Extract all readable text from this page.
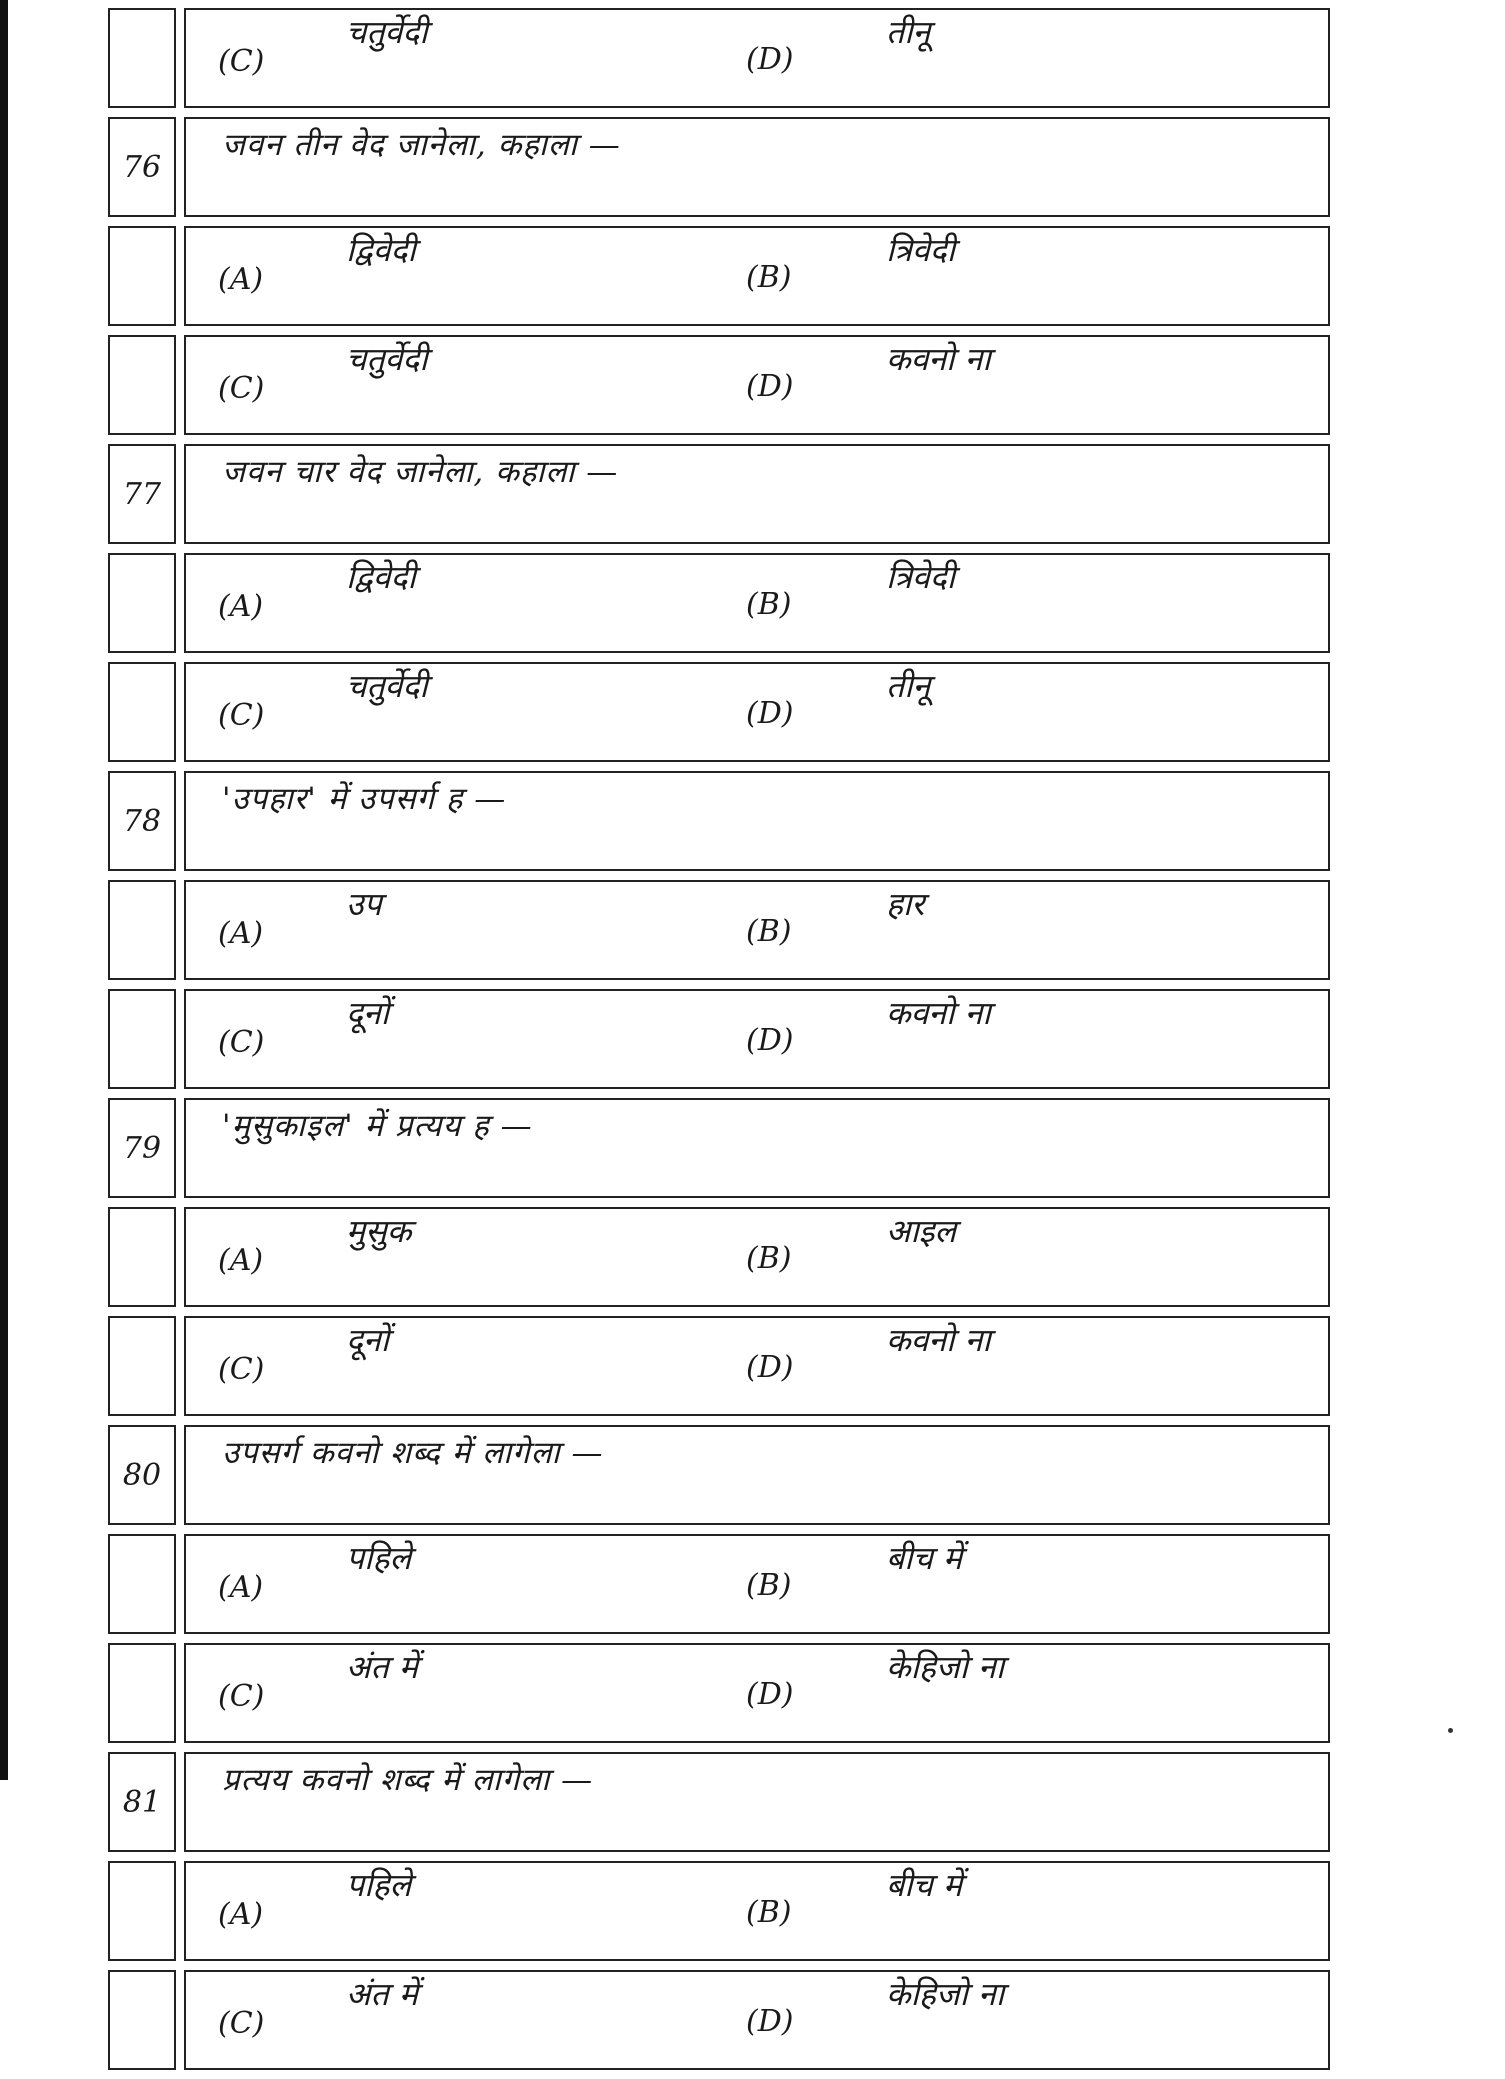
(C)
चतुर्वेदी
(D)
तीनू
76
जवन तीन वेद जानेला, कहाला —
(A)
द्विवेदी
(B)
त्रिवेदी
(C)
चतुर्वेदी
(D)
कवनो ना
77
जवन चार वेद जानेला, कहाला —
(A)
द्विवेदी
(B)
त्रिवेदी
(C)
चतुर्वेदी
(D)
तीनू
78
'उपहार' में उपसर्ग ह —
(A)
उप
(B)
हार
(C)
दूनों
(D)
कवनो ना
79
'मुसुकाइल' में प्रत्यय ह —
(A)
मुसुक
(B)
आइल
(C)
दूनों
(D)
कवनो ना
80
उपसर्ग कवनो शब्द में लागेला —
(A)
पहिले
(B)
बीच में
(C)
अंत में
(D)
केहिजो ना
81
प्रत्यय कवनो शब्द में लागेला —
(A)
पहिले
(B)
बीच में
(C)
अंत में
(D)
केहिजो ना
